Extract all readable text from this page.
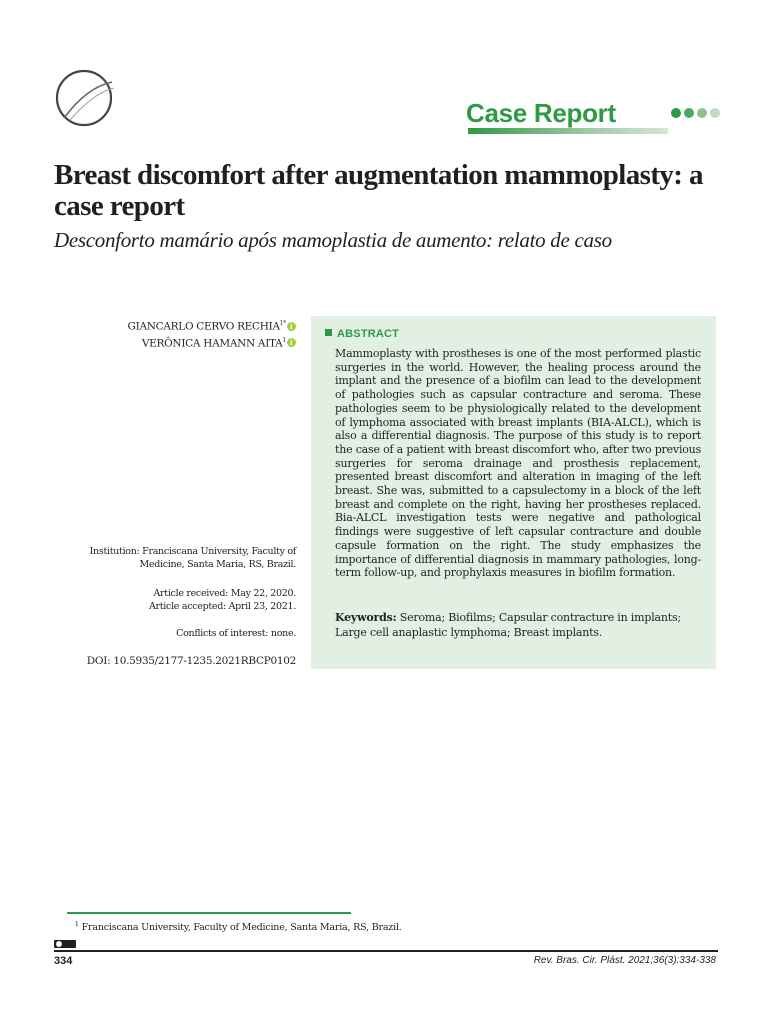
Case Report
Breast discomfort after augmentation mammoplasty: a case report
Desconforto mamário após mamoplastia de aumento: relato de caso
GIANCARLO CERVO $RECHIA^{1*}i$
VERÔNICA HAMANN AITA$^1$i
Institution: Franciscana University, Faculty of Medicine, Santa Maria, RS, Brazil.
Article received: May 22, 2020.
Article accepted: April 23, 2021.
Conflicts of interest: none.
DOI: 10.5935/2177-1235.2021RBCP0102
ABSTRACT

Mammoplasty with prostheses is one of the most performed plastic surgeries in the world. However, the healing process around the implant and the presence of a biofilm can lead to the development of pathologies such as capsular contracture and seroma. These pathologies seem to be physiologically related to the development of lymphoma associated with breast implants (BIA-ALCL), which is also a differential diagnosis. The purpose of this study is to report the case of a patient with breast discomfort who, after two previous surgeries for seroma drainage and prosthesis replacement, presented breast discomfort and alteration in imaging of the left breast. She was, submitted to a capsulectomy in a block of the left breast and complete on the right, having her prostheses replaced. Bia-ALCL investigation tests were negative and pathological findings were suggestive of left capsular contracture and double capsule formation on the right. The study emphasizes the importance of differential diagnosis in mammary pathologies, long-term follow-up, and prophylaxis measures in biofilm formation.

Keywords: Seroma; Biofilms; Capsular contracture in implants; Large cell anaplastic lymphoma; Breast implants.

$^1$ Franciscana University, Faculty of Medicine, Santa Maria, RS, Brazil.
334	Rev. Bras. Cir. Plást. 2021;36(3):334-338
